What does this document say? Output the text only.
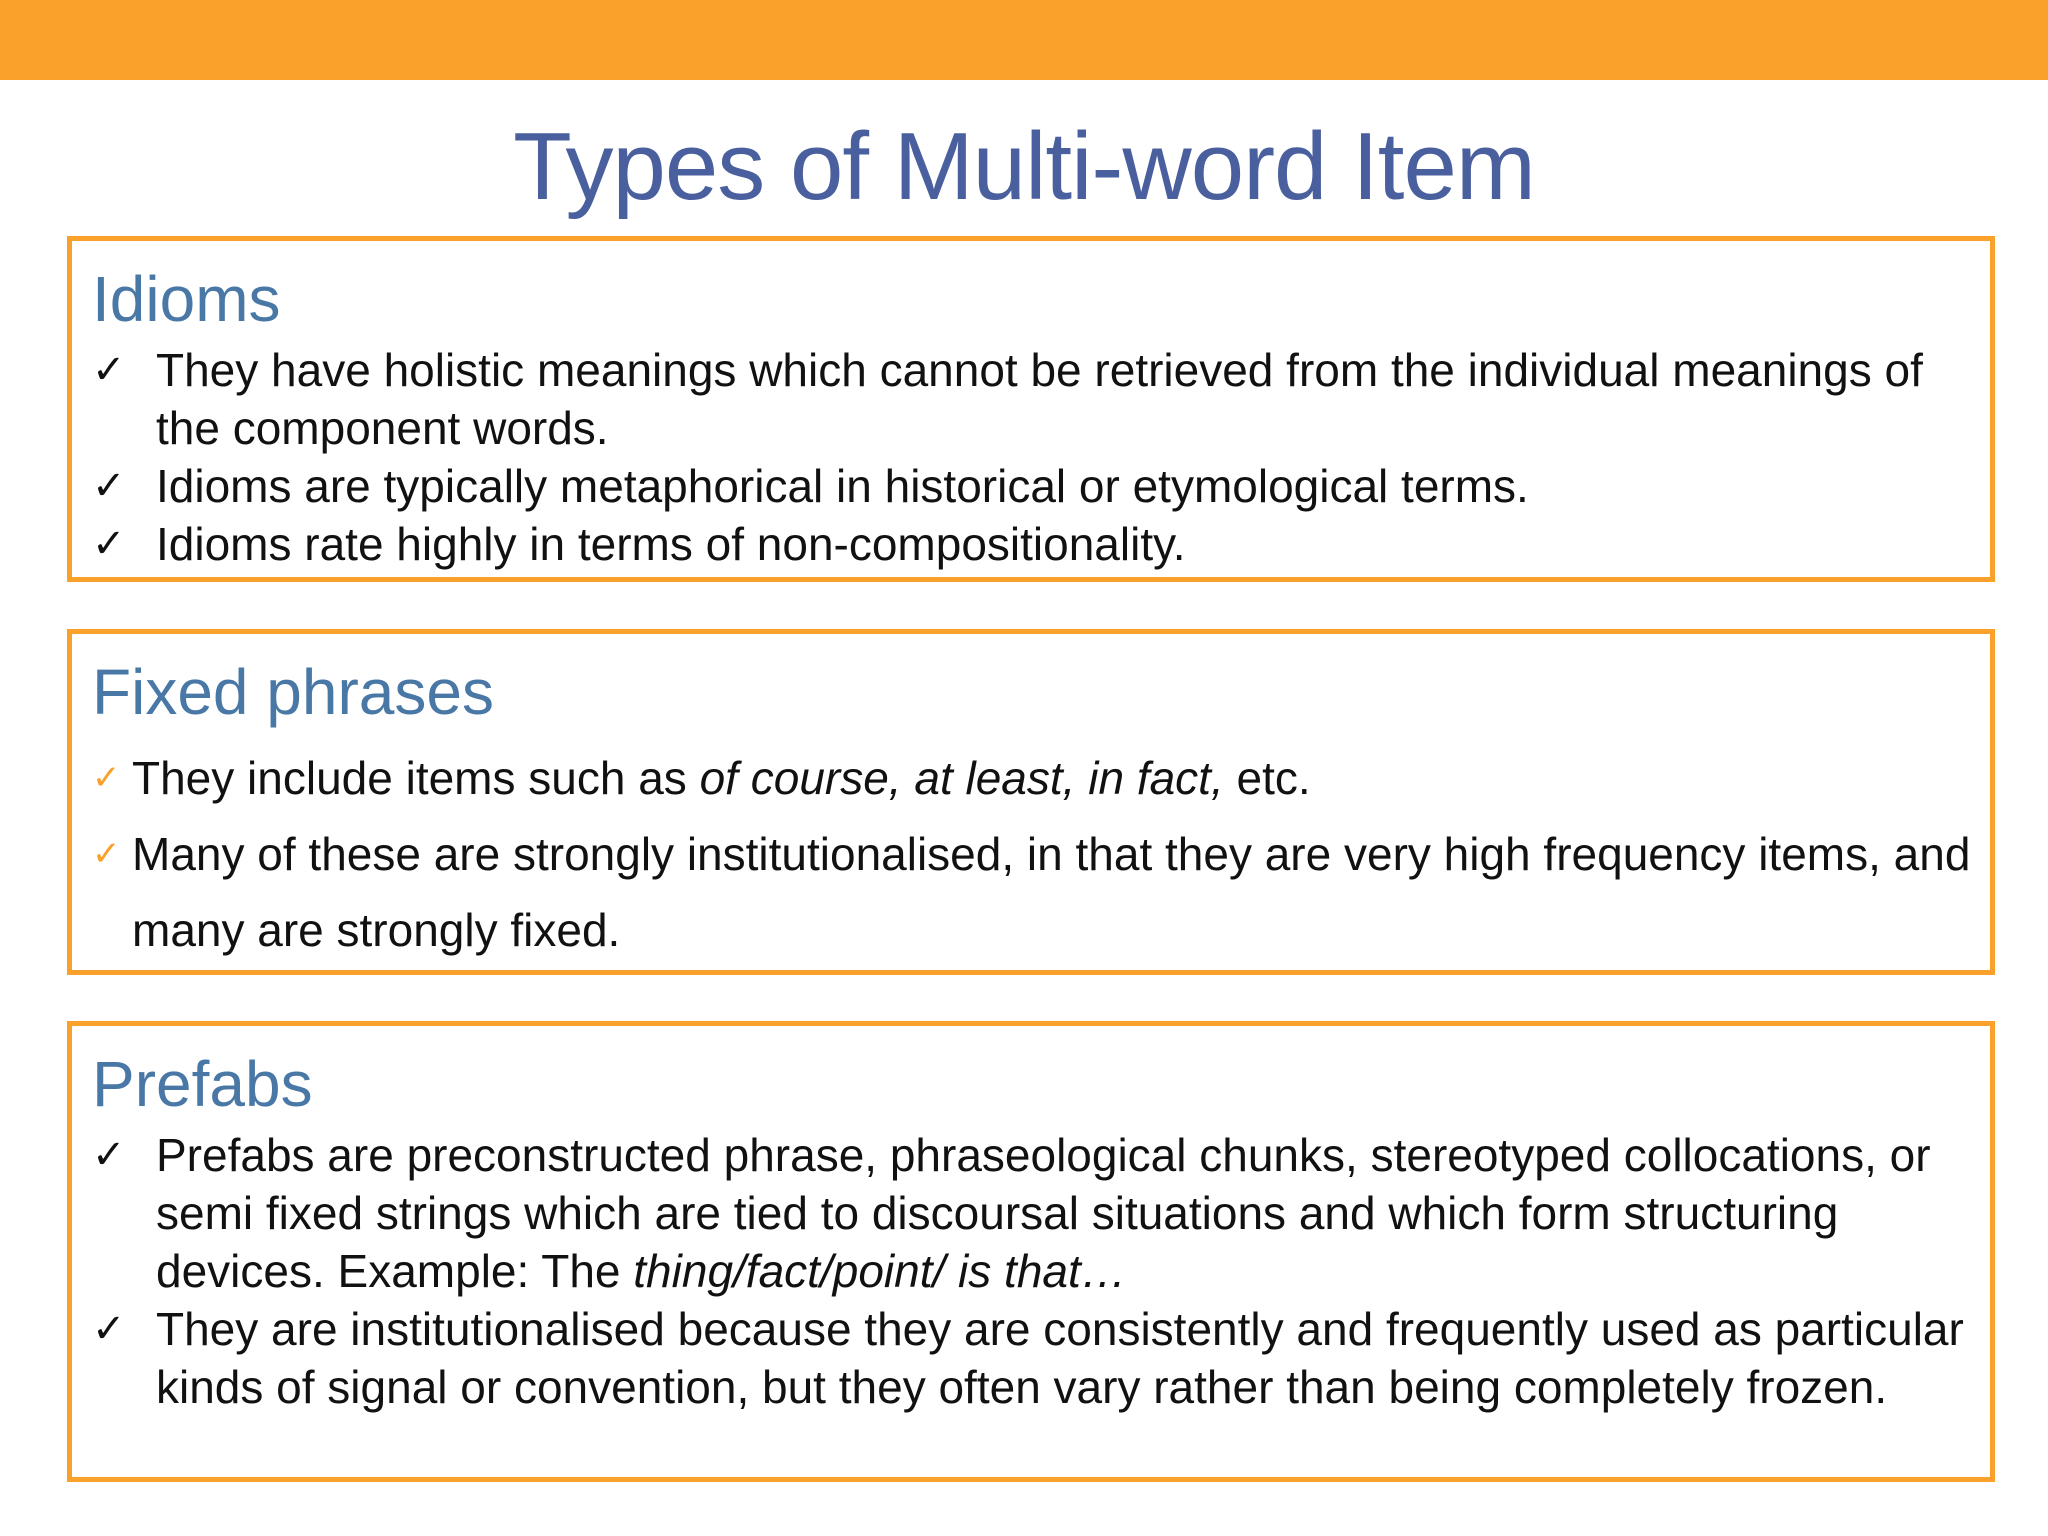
Types of Multi-word Item
Idioms
✓ They have holistic meanings which cannot be retrieved from the individual meanings of the component words.
✓ Idioms are typically metaphorical in historical or etymological terms.
✓ Idioms rate highly in terms of non-compositionality.
Fixed phrases
✓ They include items such as of course, at least, in fact, etc.
✓ Many of these are strongly institutionalised, in that they are very high frequency items, and many are strongly fixed.
Prefabs
✓ Prefabs are preconstructed phrase, phraseological chunks, stereotyped collocations, or semi fixed strings which are tied to discoursal situations and which form structuring devices. Example: The thing/fact/point/ is that…
✓ They are institutionalised because they are consistently and frequently used as particular kinds of signal or convention, but they often vary rather than being completely frozen.
